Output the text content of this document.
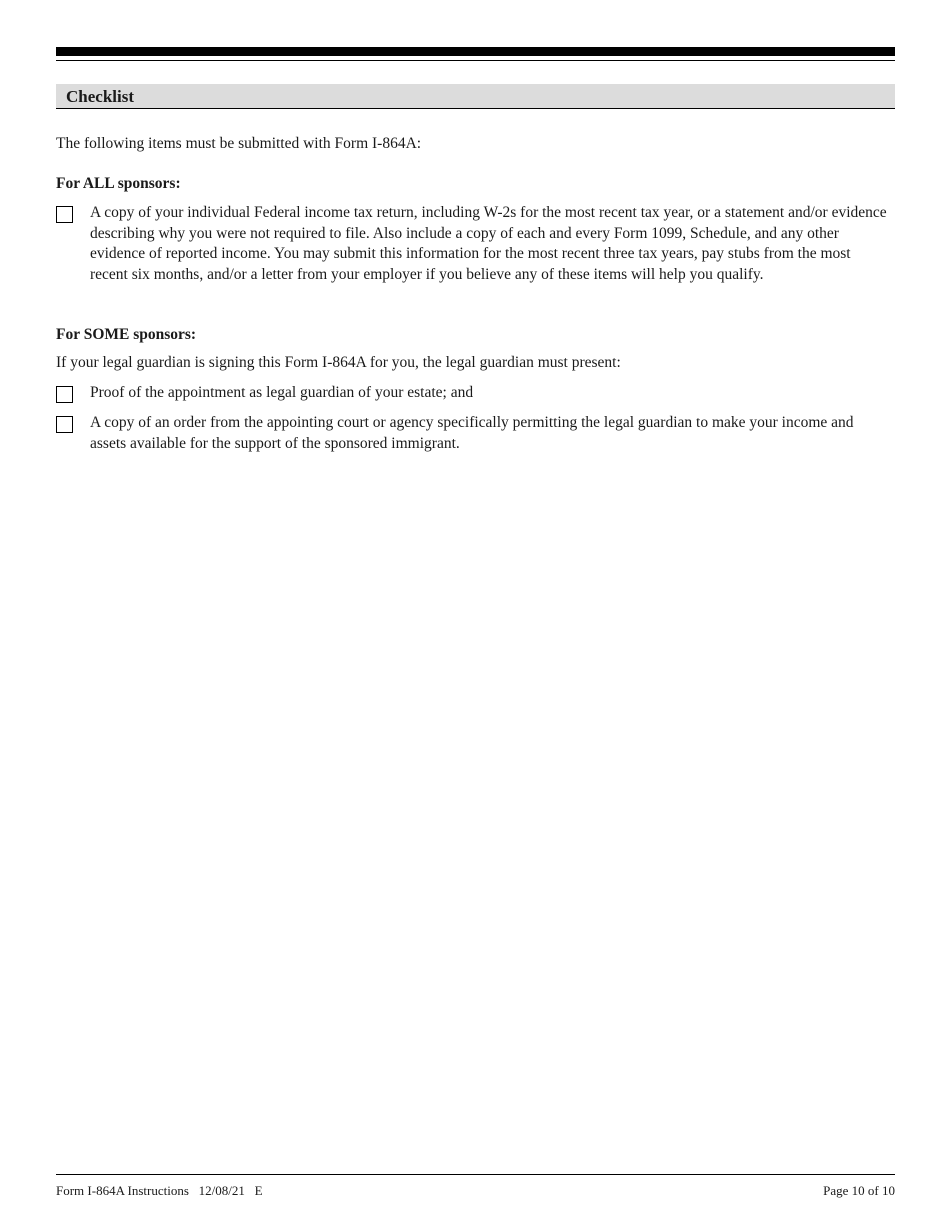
Checklist
The following items must be submitted with Form I-864A:
For ALL sponsors:
A copy of your individual Federal income tax return, including W-2s for the most recent tax year, or a statement and/or evidence describing why you were not required to file. Also include a copy of each and every Form 1099, Schedule, and any other evidence of reported income. You may submit this information for the most recent three tax years, pay stubs from the most recent six months, and/or a letter from your employer if you believe any of these items will help you qualify.
For SOME sponsors:
If your legal guardian is signing this Form I-864A for you, the legal guardian must present:
Proof of the appointment as legal guardian of your estate; and
A copy of an order from the appointing court or agency specifically permitting the legal guardian to make your income and assets available for the support of the sponsored immigrant.
Form I-864A Instructions   12/08/21   E	Page 10 of 10
